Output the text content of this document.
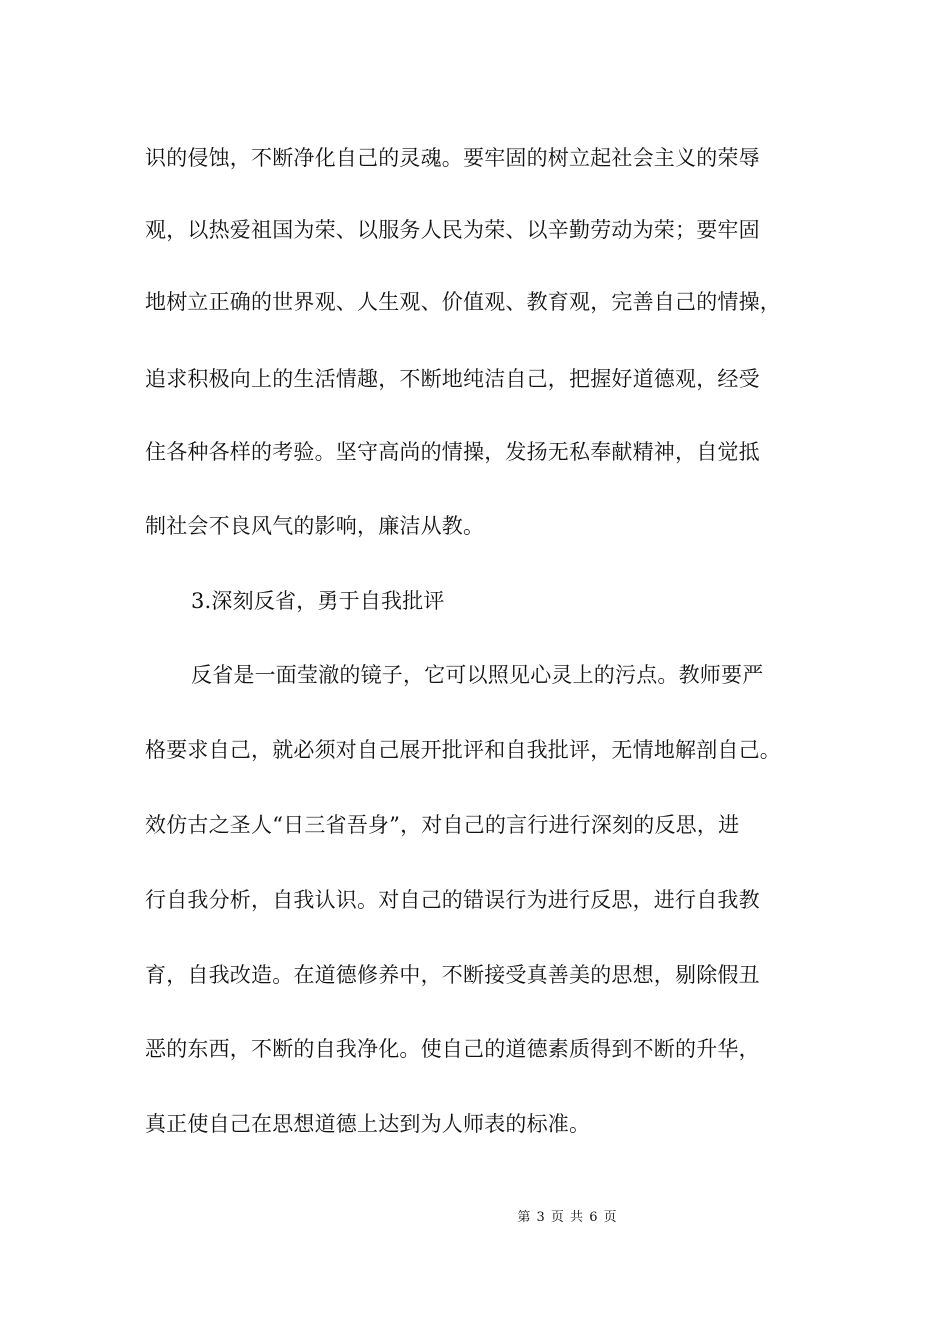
识的侵蚀，不断净化自己的灵魂。要牢固的树立起社会主义的荣辱
观，以热爱祖国为荣、以服务人民为荣、以辛勤劳动为荣；要牢固
地树立正确的世界观、人生观、价值观、教育观，完善自己的情操，
追求积极向上的生活情趣，不断地纯洁自己，把握好道德观，经受
住各种各样的考验。坚守高尚的情操，发扬无私奉献精神，自觉抵
制社会不良风气的影响，廉洁从教。
3.深刻反省，勇于自我批评
反省是一面莹澈的镜子，它可以照见心灵上的污点。教师要严
格要求自己，就必须对自己展开批评和自我批评，无情地解剖自己。
效仿古之圣人“日三省吾身”，对自己的言行进行深刻的反思，进
行自我分析，自我认识。对自己的错误行为进行反思，进行自我教
育，自我改造。在道德修养中，不断接受真善美的思想，剔除假丑
恶的东西，不断的自我净化。使自己的道德素质得到不断的升华，
真正使自己在思想道德上达到为人师表的标准。
第 3 页 共 6 页
